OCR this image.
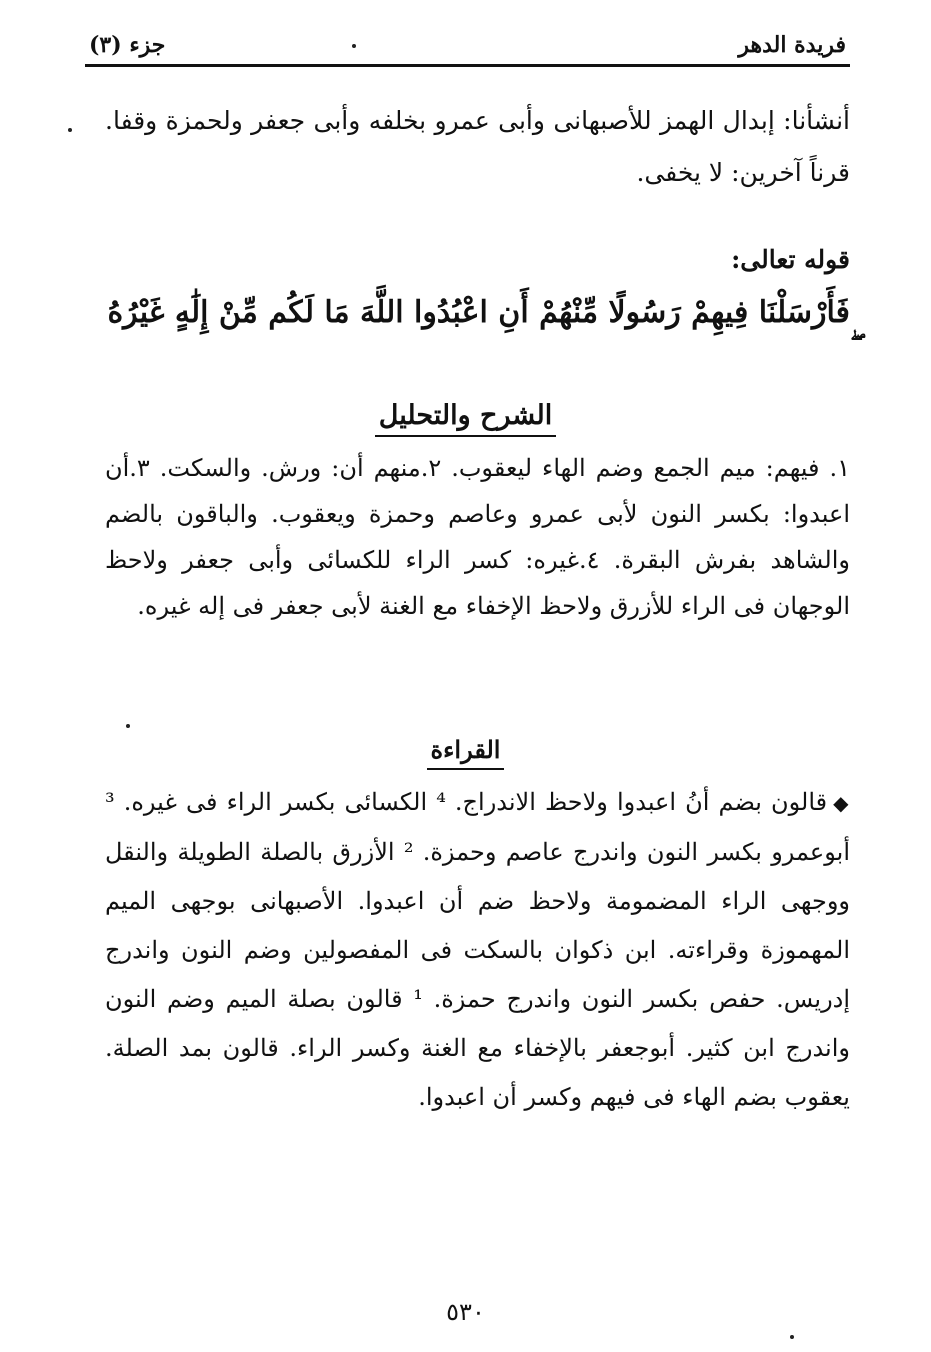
فريدة الدهر
جزء (٣)
أنشأنا: إبدال الهمز للأصبهانى وأبى عمرو بخلفه وأبى جعفر ولحمزة وقفا. قرناً آخرين: لا يخفى.
قوله تعالى:
فَأَرْسَلْنَا فِيهِمْ رَسُولًا مِّنْهُمْ أَنِ اعْبُدُوا اللَّهَ مَا لَكُم مِّنْ إِلَٰهٍ غَيْرُهُ
الشرح والتحليل
١. فيهم: ميم الجمع وضم الهاء ليعقوب. ٢.منهم أن: ورش. والسكت. ٣.أن اعبدوا: بكسر النون لأبى عمرو وعاصم وحمزة ويعقوب. والباقون بالضم والشاهد بفرش البقرة. ٤.غيره: كسر الراء للكسائى وأبى جعفر ولاحظ الوجهان فى الراء للأزرق ولاحظ الإخفاء مع الغنة لأبى جعفر فى إله غيره.
القراءة
◆قالون بضم أنُ اعبدوا ولاحظ الاندراج. ⁴ الكسائى بكسر الراء فى غيره. ³ أبوعمرو بكسر النون واندرج عاصم وحمزة. ² الأزرق بالصلة الطويلة والنقل ووجهى الراء المضمومة ولاحظ ضم أن اعبدوا. الأصبهانى بوجهى الميم المهموزة وقراءته. ابن ذكوان بالسكت فى المفصولين وضم النون واندرج إدريس. حفص بكسر النون واندرج حمزة. ¹ قالون بصلة الميم وضم النون واندرج ابن كثير. أبوجعفر بالإخفاء مع الغنة وكسر الراء. قالون بمد الصلة. يعقوب بضم الهاء فى فيهم وكسر أن اعبدوا.
٥٣٠
